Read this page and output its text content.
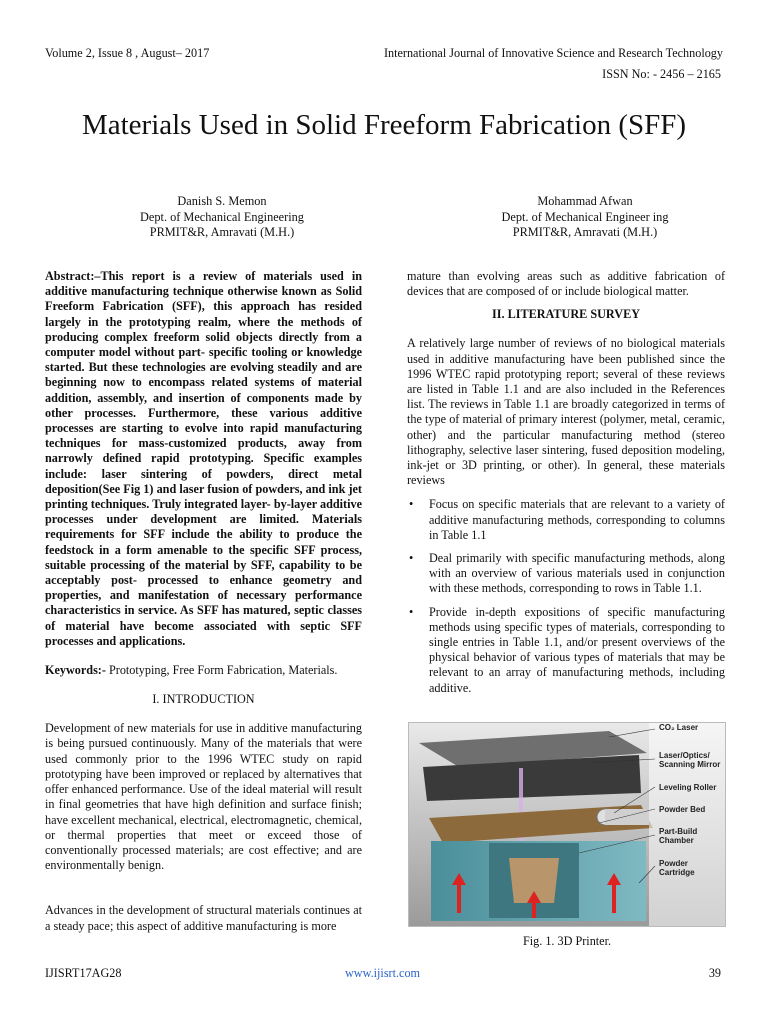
Volume 2, Issue 8 , August– 2017	International Journal of Innovative Science and Research Technology
ISSN No: - 2456 – 2165
Materials Used in Solid Freeform Fabrication (SFF)
Danish S. Memon
Dept. of Mechanical Engineering
PRMIT&R, Amravati (M.H.)
Mohammad Afwan
Dept. of Mechanical Engineer ing
PRMIT&R, Amravati (M.H.)

Abstract:–This report is a review of materials used in additive manufacturing technique otherwise known as Solid Freeform Fabrication (SFF), this approach has resided largely in the prototyping realm, where the methods of producing complex freeform solid objects directly from a computer model without part- specific tooling or knowledge started. But these technologies are evolving steadily and are beginning now to encompass related systems of material addition, assembly, and insertion of components made by other processes. Furthermore, these various additive processes are starting to evolve into rapid manufacturing techniques for mass-customized products, away from narrowly defined rapid prototyping. Specific examples include: laser sintering of powders, direct metal deposition(See Fig 1) and laser fusion of powders, and ink jet printing techniques. Truly integrated layer- by-layer additive processes under development are limited. Materials requirements for SFF include the ability to produce the feedstock in a form amenable to the specific SFF process, suitable processing of the material by SFF, capability to be acceptably post- processed to enhance geometry and properties, and manifestation of necessary performance characteristics in service. As SFF has matured, septic classes of material have become associated with septic SFF processes and applications.

Keywords:- Prototyping, Free Form Fabrication, Materials.

I. INTRODUCTION

Development of new materials for use in additive manufacturing is being pursued continuously. Many of the materials that were used commonly prior to the 1996 WTEC study on rapid prototyping have been improved or replaced by alternatives that offer enhanced performance. Use of the ideal material will result in final geometries that have high definition and surface finish; have excellent mechanical, electrical, electromagnetic, chemical, or thermal properties that meet or exceed those of conventionally processed materials; are cost effective; and are environmentally benign.

Advances in the development of structural materials continues at a steady pace; this aspect of additive manufacturing is more

mature than evolving areas such as additive fabrication of devices that are composed of or include biological matter.

II. LITERATURE SURVEY

A relatively large number of reviews of no biological materials used in additive manufacturing have been published since the 1996 WTEC rapid prototyping report; several of these reviews are listed in Table 1.1 and are also included in the References list. The reviews in Table 1.1 are broadly categorized in terms of the type of material of primary interest (polymer, metal, ceramic, other) and the particular manufacturing method (stereo lithography, selective laser sintering, fused deposition modeling, ink-jet or 3D printing, or other). In general, these materials reviews

• Focus on specific materials that are relevant to a variety of additive manufacturing methods, corresponding to columns in Table 1.1
• Deal primarily with specific manufacturing methods, along with an overview of various materials used in conjunction with these methods, corresponding to rows in Table 1.1.
• Provide in-depth expositions of specific manufacturing methods using specific types of materials, corresponding to single entries in Table 1.1, and/or present overviews of the physical behavior of various types of materials that may be relevant to an array of manufacturing methods, including additive.
CO₂ Laser
Laser/Optics/ Scanning Mirror
Leveling Roller
Powder Bed
Part-Build Chamber
Powder Cartridge
Fig. 1. 3D Printer.
IJISRT17AG28	www.ijisrt.com	39
